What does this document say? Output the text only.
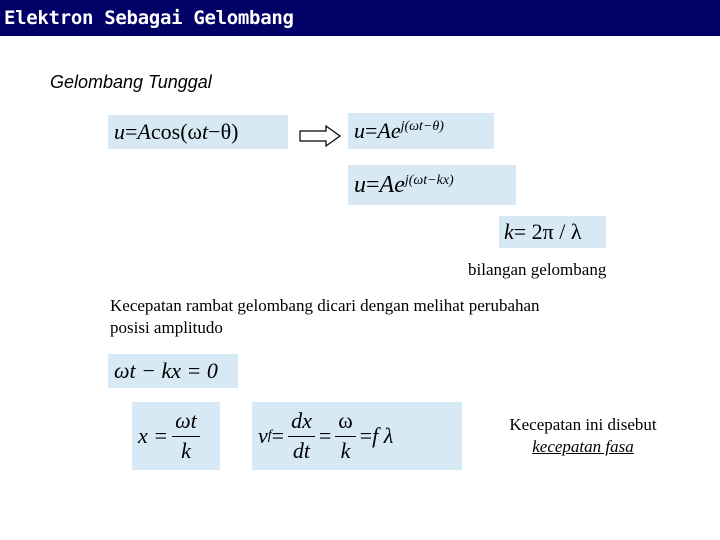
Elektron Sebagai Gelombang
Gelombang Tunggal
u = A cos( ω t − θ )	u = Ae $^{j(\omega t-\theta)}$
u = Ae $^{j(\omega t-kx)}$
k = 2π / λ
bilangan gelombang
Kecepatan rambat gelombang dicari dengan melihat perubahan
posisi amplitudo
ωt − kx = 0
$x = \frac{\omega t}{k}$	v $f = \frac{dx}{dt} = \frac{\omega}{k} = f$ λ	Kecepatan ini disebut
kecepatan fasa
